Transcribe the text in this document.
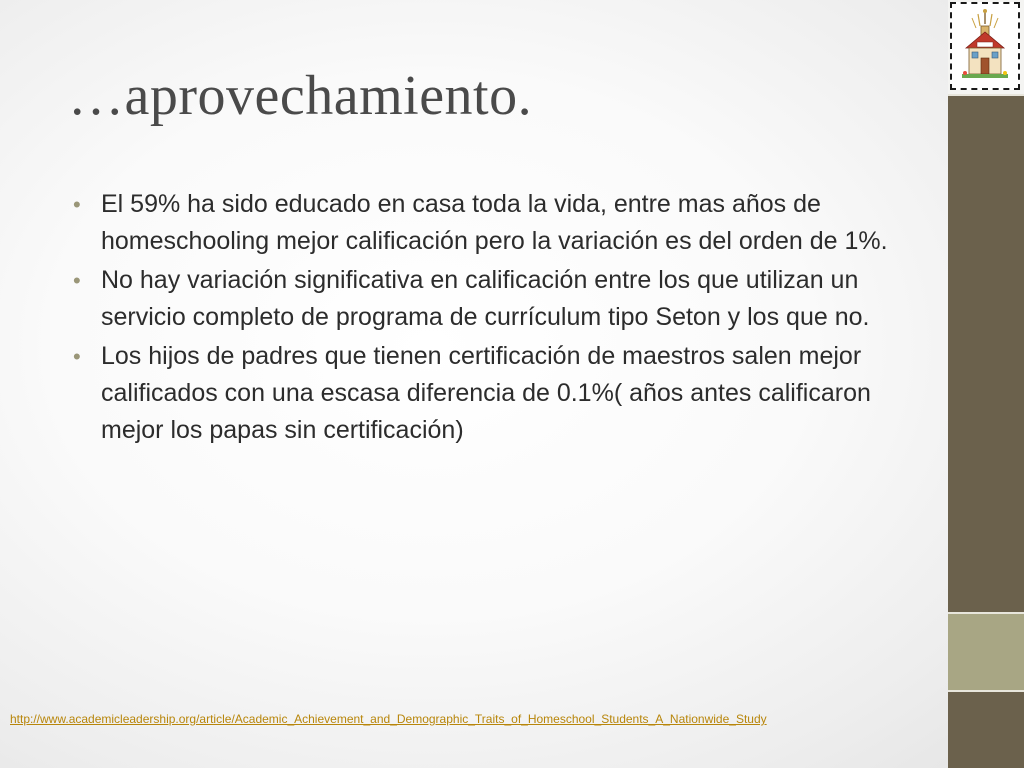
…aprovechamiento.
• El 59% ha sido educado en casa toda la vida, entre mas años de homeschooling mejor calificación pero la variación es del orden de 1%.
• No hay variación significativa en calificación entre los que utilizan un servicio completo de programa de currículum tipo Seton y los que no.
• Los hijos de padres que tienen certificación de maestros salen mejor calificados con una escasa diferencia de 0.1%( años antes calificaron mejor los papas sin certificación)
http://www.academicleadership.org/article/Academic_Achievement_and_Demographic_Traits_of_Homeschool_Students_A_Nationwide_Study
